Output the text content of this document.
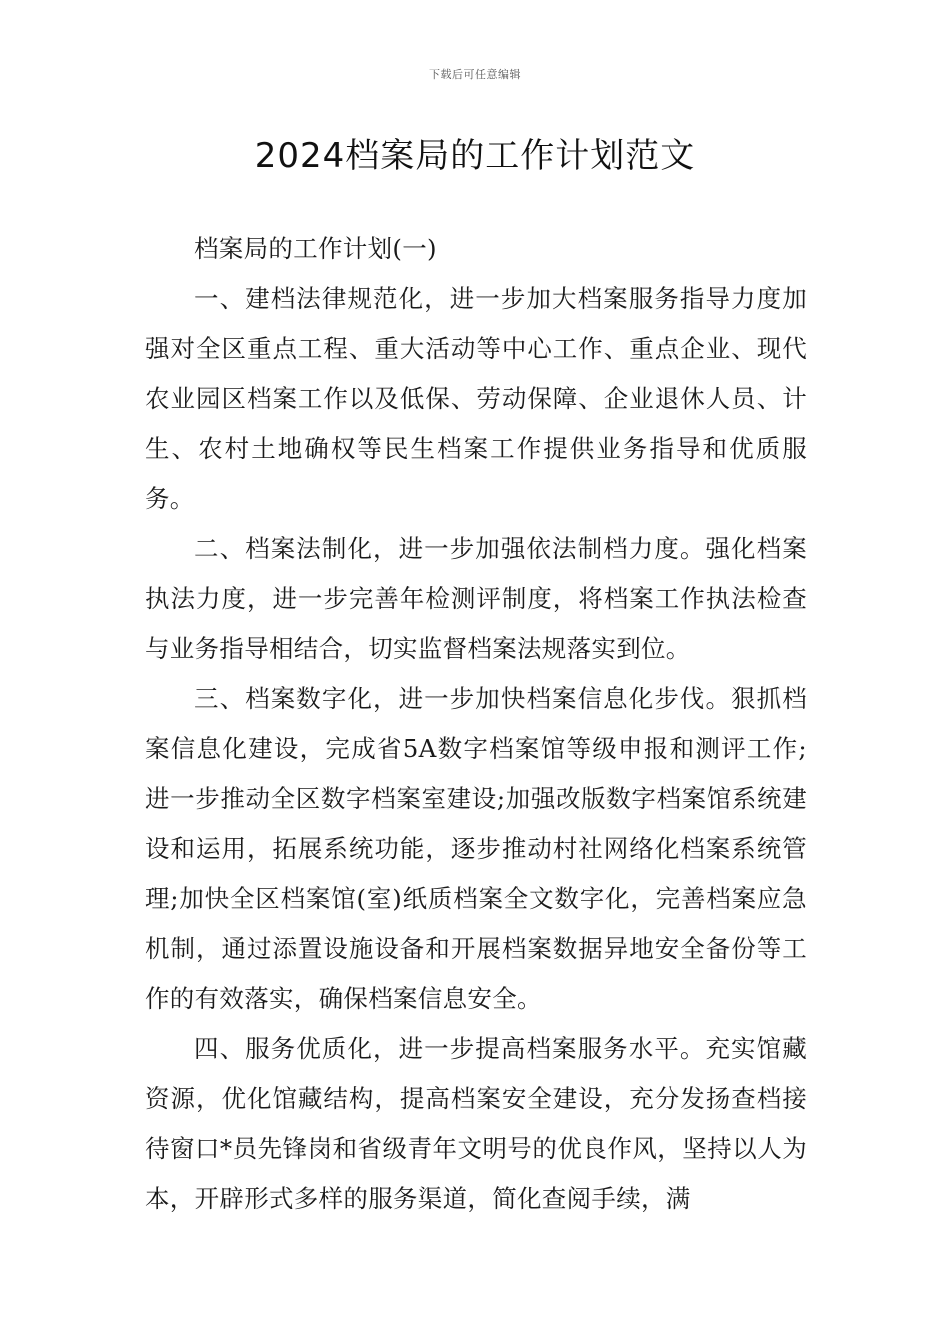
下载后可任意编辑
2024档案局的工作计划范文

档案局的工作计划(一)

一、建档法律规范化，进一步加大档案服务指导力度加强对全区重点工程、重大活动等中心工作、重点企业、现代农业园区档案工作以及低保、劳动保障、企业退休人员、计生、农村土地确权等民生档案工作提供业务指导和优质服务。

二、档案法制化，进一步加强依法制档力度。强化档案执法力度，进一步完善年检测评制度，将档案工作执法检查与业务指导相结合，切实监督档案法规落实到位。

三、档案数字化，进一步加快档案信息化步伐。狠抓档案信息化建设，完成省5A数字档案馆等级申报和测评工作;进一步推动全区数字档案室建设;加强改版数字档案馆系统建设和运用，拓展系统功能，逐步推动村社网络化档案系统管理;加快全区档案馆(室)纸质档案全文数字化，完善档案应急机制，通过添置设施设备和开展档案数据异地安全备份等工作的有效落实，确保档案信息安全。

四、服务优质化，进一步提高档案服务水平。充实馆藏资源，优化馆藏结构，提高档案安全建设，充分发扬查档接待窗口*员先锋岗和省级青年文明号的优良作风，坚持以人为本，开辟形式多样的服务渠道，简化查阅手续，满
